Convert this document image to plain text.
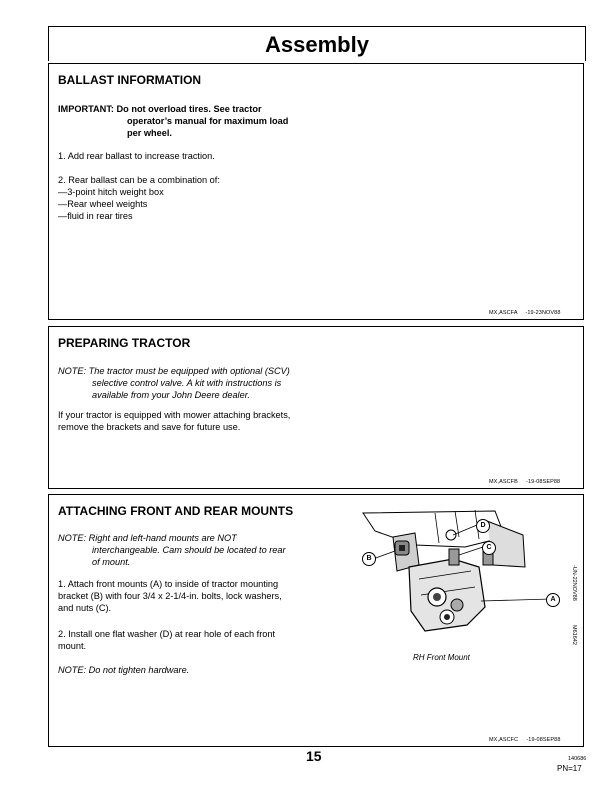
Assembly
BALLAST INFORMATION
IMPORTANT:
Do not overload tires. See tractor
operator’s manual for maximum load
per wheel.
1. Add rear ballast to increase traction.
2. Rear ballast can be a combination of:
—3-point hitch weight box
—Rear wheel weights
—fluid in rear tires
MX,ASCFA     -19-23NOV88
PREPARING TRACTOR
NOTE: The tractor must be equipped with optional (SCV)
selective control valve. A kit with instructions is
available from your John Deere dealer.
If your tractor is equipped with mower attaching brackets,
remove the brackets and save for future use.
MX,ASCFB     -19-08SEP88
ATTACHING FRONT AND REAR MOUNTS
NOTE: Right and left-hand mounts are NOT
interchangeable. Cam should be located to rear
of mount.
1. Attach front mounts (A) to inside of tractor mounting
bracket (B) with four 3/4 x 2-1/4-in. bolts, lock washers,
and nuts (C).
2. Install one flat washer (D) at rear hole of each front
mount.
NOTE: Do not tighten hardware.
A
B
C
D
RH Front Mount
-UN-22NOV88
M61642
MX,ASCFC     -19-08SEP88
15	140686
PN=17
